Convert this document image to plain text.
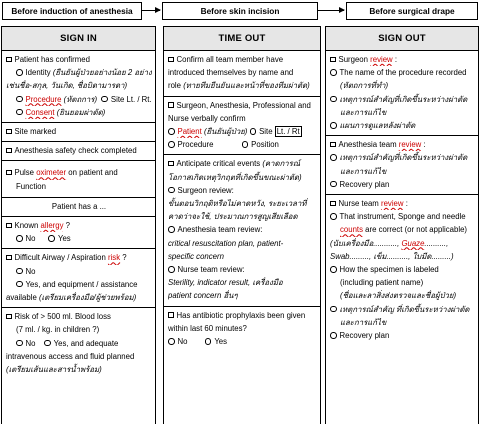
Before induction of anesthesia	Before skin incision	Before surgical drape
SIGN IN
Patient has confirmed
Identity (ยืนยันผู้ป่วยอย่างน้อย 2 อย่าง
เช่นชื่อ-สกุล, วันเกิด, ชื่อบิดามารดา)
Procedure (หัตถการ) Site Lt. / Rt.
Consent (ยินยอมผ่าตัด)
Site marked
Anesthesia safety check completed
Pulse oximeter on patient and
Function
Patient has a ...
Known allergy ?
No	Yes
Difficult Airway / Aspiration risk ?
No
Yes, and equipment / assistance
available (เตรียมเครื่องมือ/ผู้ช่วยพร้อม)
Risk of > 500 ml. Blood loss
(7 ml. / kg. in children ?)
No Yes, and adequate
intravenous access and fluid planned
(เตรียมเส้นและสารน้ำพร้อม)
TIME OUT
Confirm all team member have
introduced themselves by name and
role (ทายทีมยืนยันและหน้าที่ของทีมผ่าตัด)
Surgeon, Anesthesia, Professional and
Nurse verbally confirm
Patient (ยืนยันผู้ป่วย) Site Lt. / Rt
Procedure	Position
Anticipate critical events (คาดการณ์
โอกาสเกิดเหตุวิกฤตที่เกิดขึ้นขณะผ่าตัด)
Surgeon review:
ขั้นตอนวิกฤติหรือไม่คาดหวัง, ระยะเวลาที่
คาดว่าจะใช้, ประมาณการสูญเสียเลือด
Anesthesia team review:
critical resuscitation plan, patient-
specific concern
Nurse team review:
Sterility, indicator result, เครื่องมือ
patient concern อื่นๆ
Has antibiotic prophylaxis been given
within last 60 minutes?
No	Yes
SIGN OUT
Surgeon review :
The name of the procedure recorded
(หัตถการที่ทำ)
เหตุการณ์สำคัญที่เกิดขึ้นระหว่างผ่าตัด
และการแก้ไข
แผนการดูแลหลังผ่าตัด
Anesthesia team review :
เหตุการณ์สำคัญที่เกิดขึ้นระหว่างผ่าตัด
และการแก้ไข
Recovery plan
Nurse team review :
That instrument, Sponge and needle
counts are correct (or not applicable)
(นับเครื่องมือ..........., Guaze..........,
Swab........., เข็ม.........., ใบมีด.........)
How the specimen is labeled
(including patient name)
(ชื่อและลาสิ่งส่งตรวจและชื่อผู้ป่วย)
เหตุการณ์สำคัญ ที่เกิดขึ้นระหว่างผ่าตัด
และการแก้ไข
Recovery plan
